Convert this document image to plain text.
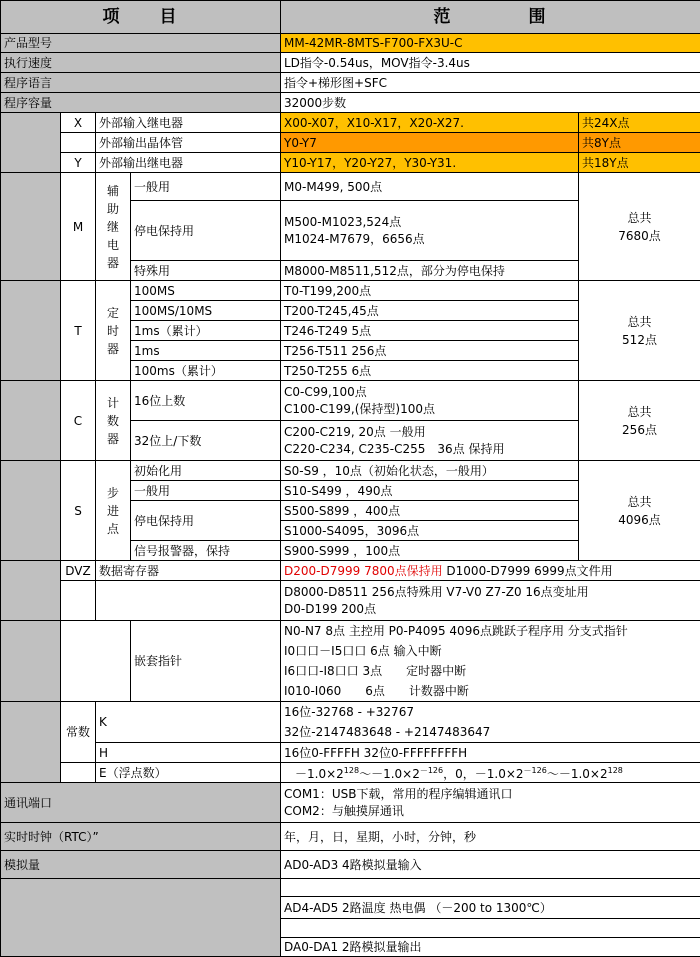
项　　目				范　　　　围	
产品型号				MM-42MR-8MTS-F700-FX3U-C	
执行速度				LD指令-0.54us，MOV指令-3.4us	
程序语言				指令+梯形图+SFC	
程序容量				32000步数	
	X	外部输入继电器		X00-X07，X10-X17，X20-X27.	共24X点
		外部输出晶体管		Y0-Y7	共8Y点
	Y	外部输出继电器		Y10-Y17，Y20-Y27，Y30-Y31.	共18Y点
	M	辅助继电器	一般用	M0-M499, 500点	总共
7680点
			停电保持用	M500-M1023,524点
M1024-M7679，6656点	
			特殊用	M8000-M8511,512点，部分为停电保持	
	T	定时器	100MS	T0-T199,200点	总共
512点
			100MS/10MS	T200-T245,45点	
			1ms（累计）	T246-T249 5点	
			1ms	T256-T511 256点	
			100ms（累计）	T250-T255 6点	
	C	计数器	16位上数	C0-C99,100点
C100-C199,(保持型)100点	总共
256点
			32位上/下数	C200-C219, 20点 一般用
C220-C234, C235-C255　36点 保持用	
	S	步进点	初始化用	S0-S9 ，10点（初始化状态，一般用）	总共
4096点
			一般用	S10-S499 ，490点	
			停电保持用	S500-S899 ，400点	
				S1000-S4095，3096点	
			信号报警器，保持	S900-S999 ，100点	
	DVZ	数据寄存器		D200-D7999 7800点保持用 D1000-D7999 6999点文件用	
				D8000-D8511 256点特殊用 V7-V0 Z7-Z0 16点变址用
D0-D199 200点	
			嵌套指针	N0-N7 8点 主控用 P0-P4095 4096点跳跃子程序用 分支式指针
I0口口－I5口口 6点 输入中断
I6口口-I8口口 3点　　定时器中断
I010-I060　　6点　　计数器中断	
	常数	K		16位-32768 - +32767
32位-2147483648 - +2147483647	
		H		16位0-FFFFH 32位0-FFFFFFFFH	
		E（浮点数）		$-1.0\times 2^{128}\sim-1.0\times 2^{-126}$，0，$-1.0\times 2^{-126}\sim-1.0\times 2^{128}$
通讯端口				COM1：USB下载，常用的程序编辑通讯口
COM2：与触摸屏通讯	
实时时钟（RTC）”				年，月，日，星期，小时，分钟，秒	
模拟量				AD0-AD3 4路模拟量输入	

				AD4-AD5 2路温度 热电偶 （－200 to 1300℃）	

				DA0-DA1 2路模拟量输出	
